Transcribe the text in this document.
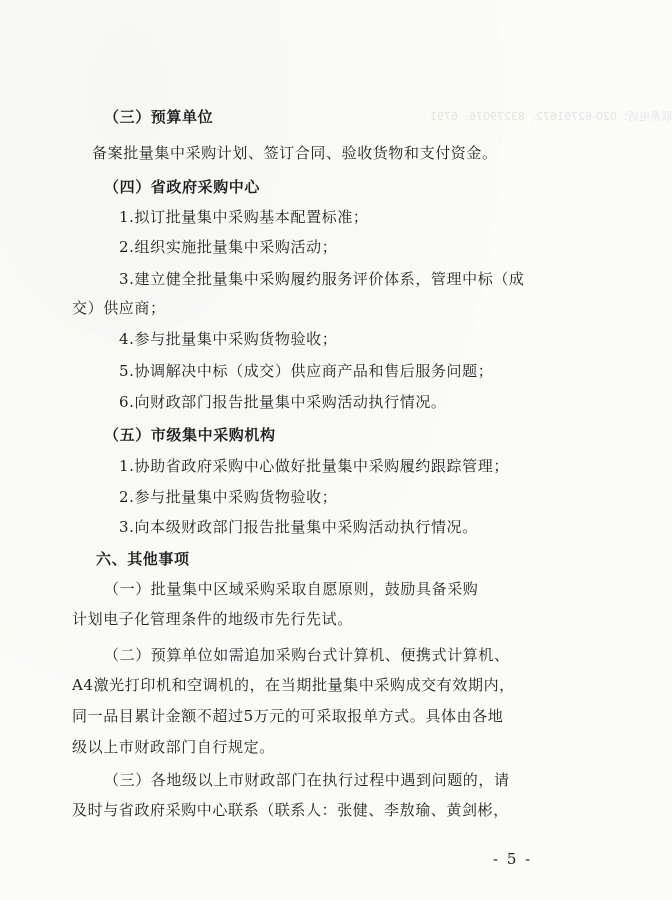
联系电话：020-62791672、83279076、6791
（三）预算单位
备案批量集中采购计划、签订合同、验收货物和支付资金。
（四）省政府采购中心
1.拟订批量集中采购基本配置标准；
2.组织实施批量集中采购活动；
3.建立健全批量集中采购履约服务评价体系，管理中标（成
交）供应商；
4.参与批量集中采购货物验收；
5.协调解决中标（成交）供应商产品和售后服务问题；
6.向财政部门报告批量集中采购活动执行情况。
（五）市级集中采购机构
1.协助省政府采购中心做好批量集中采购履约跟踪管理；
2.参与批量集中采购货物验收；
3.向本级财政部门报告批量集中采购活动执行情况。
六、其他事项
（一）批量集中区域采购采取自愿原则，鼓励具备采购
计划电子化管理条件的地级市先行先试。
（二）预算单位如需追加采购台式计算机、便携式计算机、
A4激光打印机和空调机的，在当期批量集中采购成交有效期内，
同一品目累计金额不超过5万元的可采取报单方式。具体由各地
级以上市财政部门自行规定。
（三）各地级以上市财政部门在执行过程中遇到问题的，请
及时与省政府采购中心联系（联系人：张健、李敖瑜、黄剑彬，
- 5 -
